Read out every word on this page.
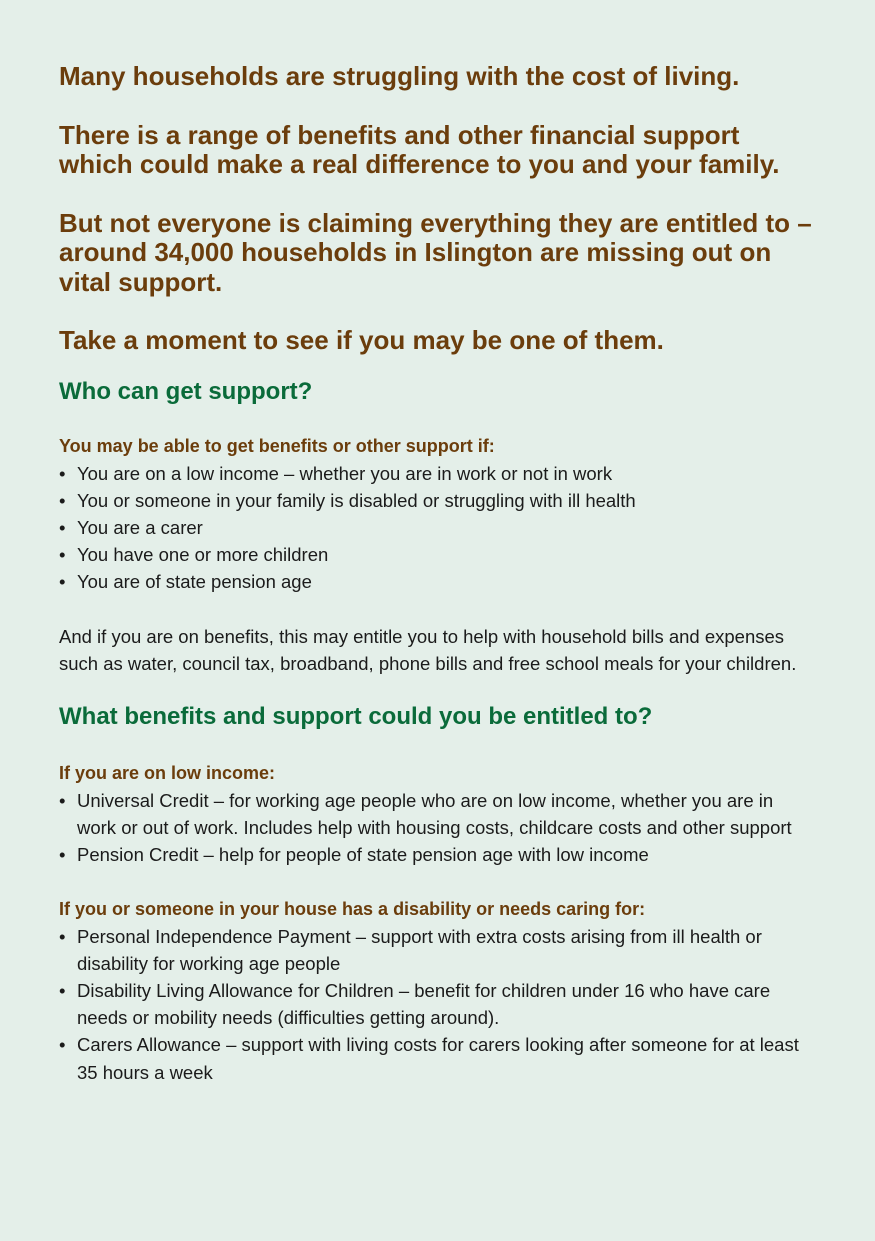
Many households are struggling with the cost of living.

There is a range of benefits and other financial support which could make a real difference to you and your family.

But not everyone is claiming everything they are entitled to – around 34,000 households in Islington are missing out on vital support.

Take a moment to see if you may be one of them.

Who can get support?
You may be able to get benefits or other support if:
• You are on a low income – whether you are in work or not in work
• You or someone in your family is disabled or struggling with ill health
• You are a carer
• You have one or more children
• You are of state pension age

And if you are on benefits, this may entitle you to help with household bills and expenses such as water, council tax, broadband, phone bills and free school meals for your children.

What benefits and support could you be entitled to?
If you are on low income:
• Universal Credit – for working age people who are on low income, whether you are in work or out of work. Includes help with housing costs, childcare costs and other support
• Pension Credit – help for people of state pension age with low income
If you or someone in your house has a disability or needs caring for:
• Personal Independence Payment – support with extra costs arising from ill health or disability for working age people
• Disability Living Allowance for Children – benefit for children under 16 who have care needs or mobility needs (difficulties getting around).
• Carers Allowance – support with living costs for carers looking after someone for at least 35 hours a week
